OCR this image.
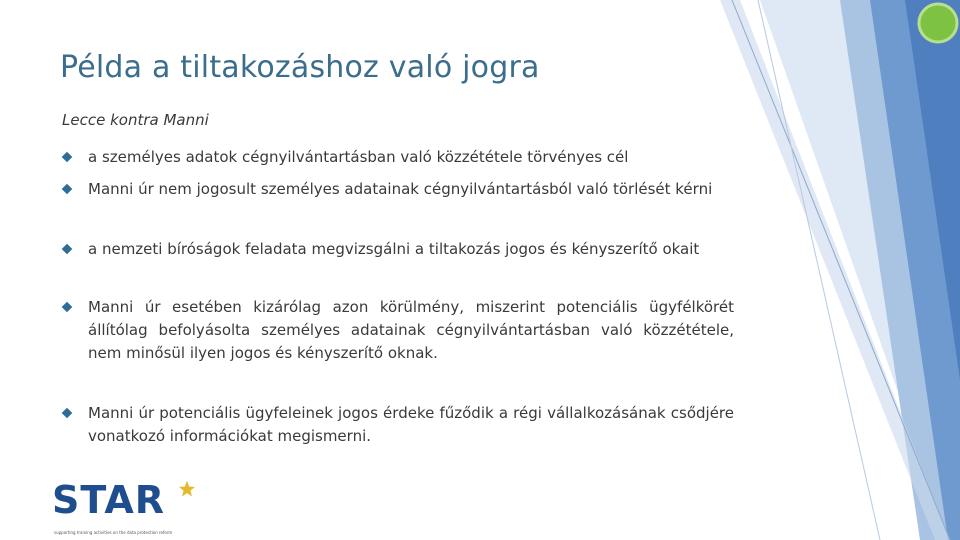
Példa a tiltakozáshoz való jogra
Lecce kontra Manni
a személyes adatok cégnyilvántartásban való közzététele törvényes cél
Manni úr nem jogosult személyes adatainak cégnyilvántartásból való törlését kérni
a nemzeti bíróságok feladata megvizsgálni a tiltakozás jogos és kényszerítő okait
Manni úr esetében kizárólag azon körülmény, miszerint potenciális ügyfélkörét állítólag befolyásolta személyes adatainak cégnyilvántartásban való közzététele, nem minősül ilyen jogos és kényszerítő oknak.
Manni úr potenciális ügyfeleinek jogos érdeke fűződik a régi vállalkozásának csődjére vonatkozó információkat megismerni.
STAR
supporting training activities on the data protection reform
